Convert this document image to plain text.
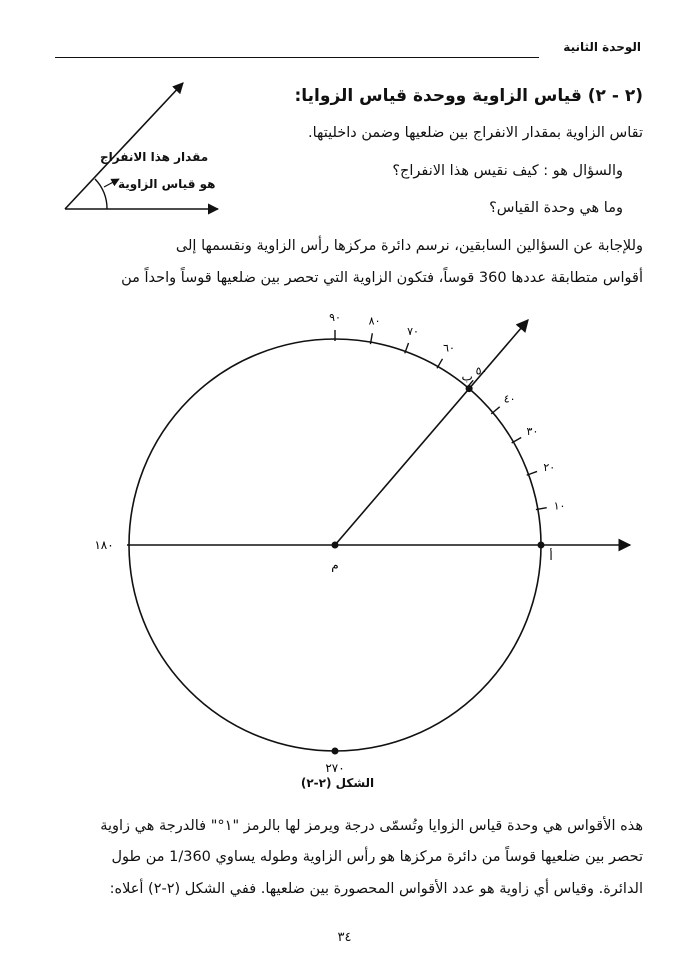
الوحدة الثانية
(٢ - ٢) قياس الزاوية ووحدة قياس الزوايا:
تقاس الزاوية بمقدار الانفراج بين ضلعيها وضمن داخليتها.
والسؤال هو : كيف نقيس هذا الانفراج؟
وما هي وحدة القياس؟
مقدار هذا الانفراج
هو قياس الزاوية
وللإجابة عن السؤالين السابقين، نرسم دائرة مركزها رأس الزاوية ونقسمها إلى
أقواس متطابقة عددها 360 قوساً، فتكون الزاوية التي تحصر بين ضلعيها قوساً واحداً من
١٠
٢٠
٣٠
٤٠
٥٠
٦٠
٧٠
٨٠
٩٠
م
أ
ب
١٨٠
٢٧٠
الشكل (٢-٢)
هذه الأقواس هي وحدة قياس الزوايا وتُسمّى درجة ويرمز لها بالرمز "١°" فالدرجة هي زاوية
تحصر بين ضلعيها قوساً من دائرة مركزها هو رأس الزاوية وطوله يساوي 1/360 من طول
الدائرة. وقياس أي زاوية هو عدد الأقواس المحصورة بين ضلعيها. ففي الشكل (٢-٢) أعلاه:
٣٤
